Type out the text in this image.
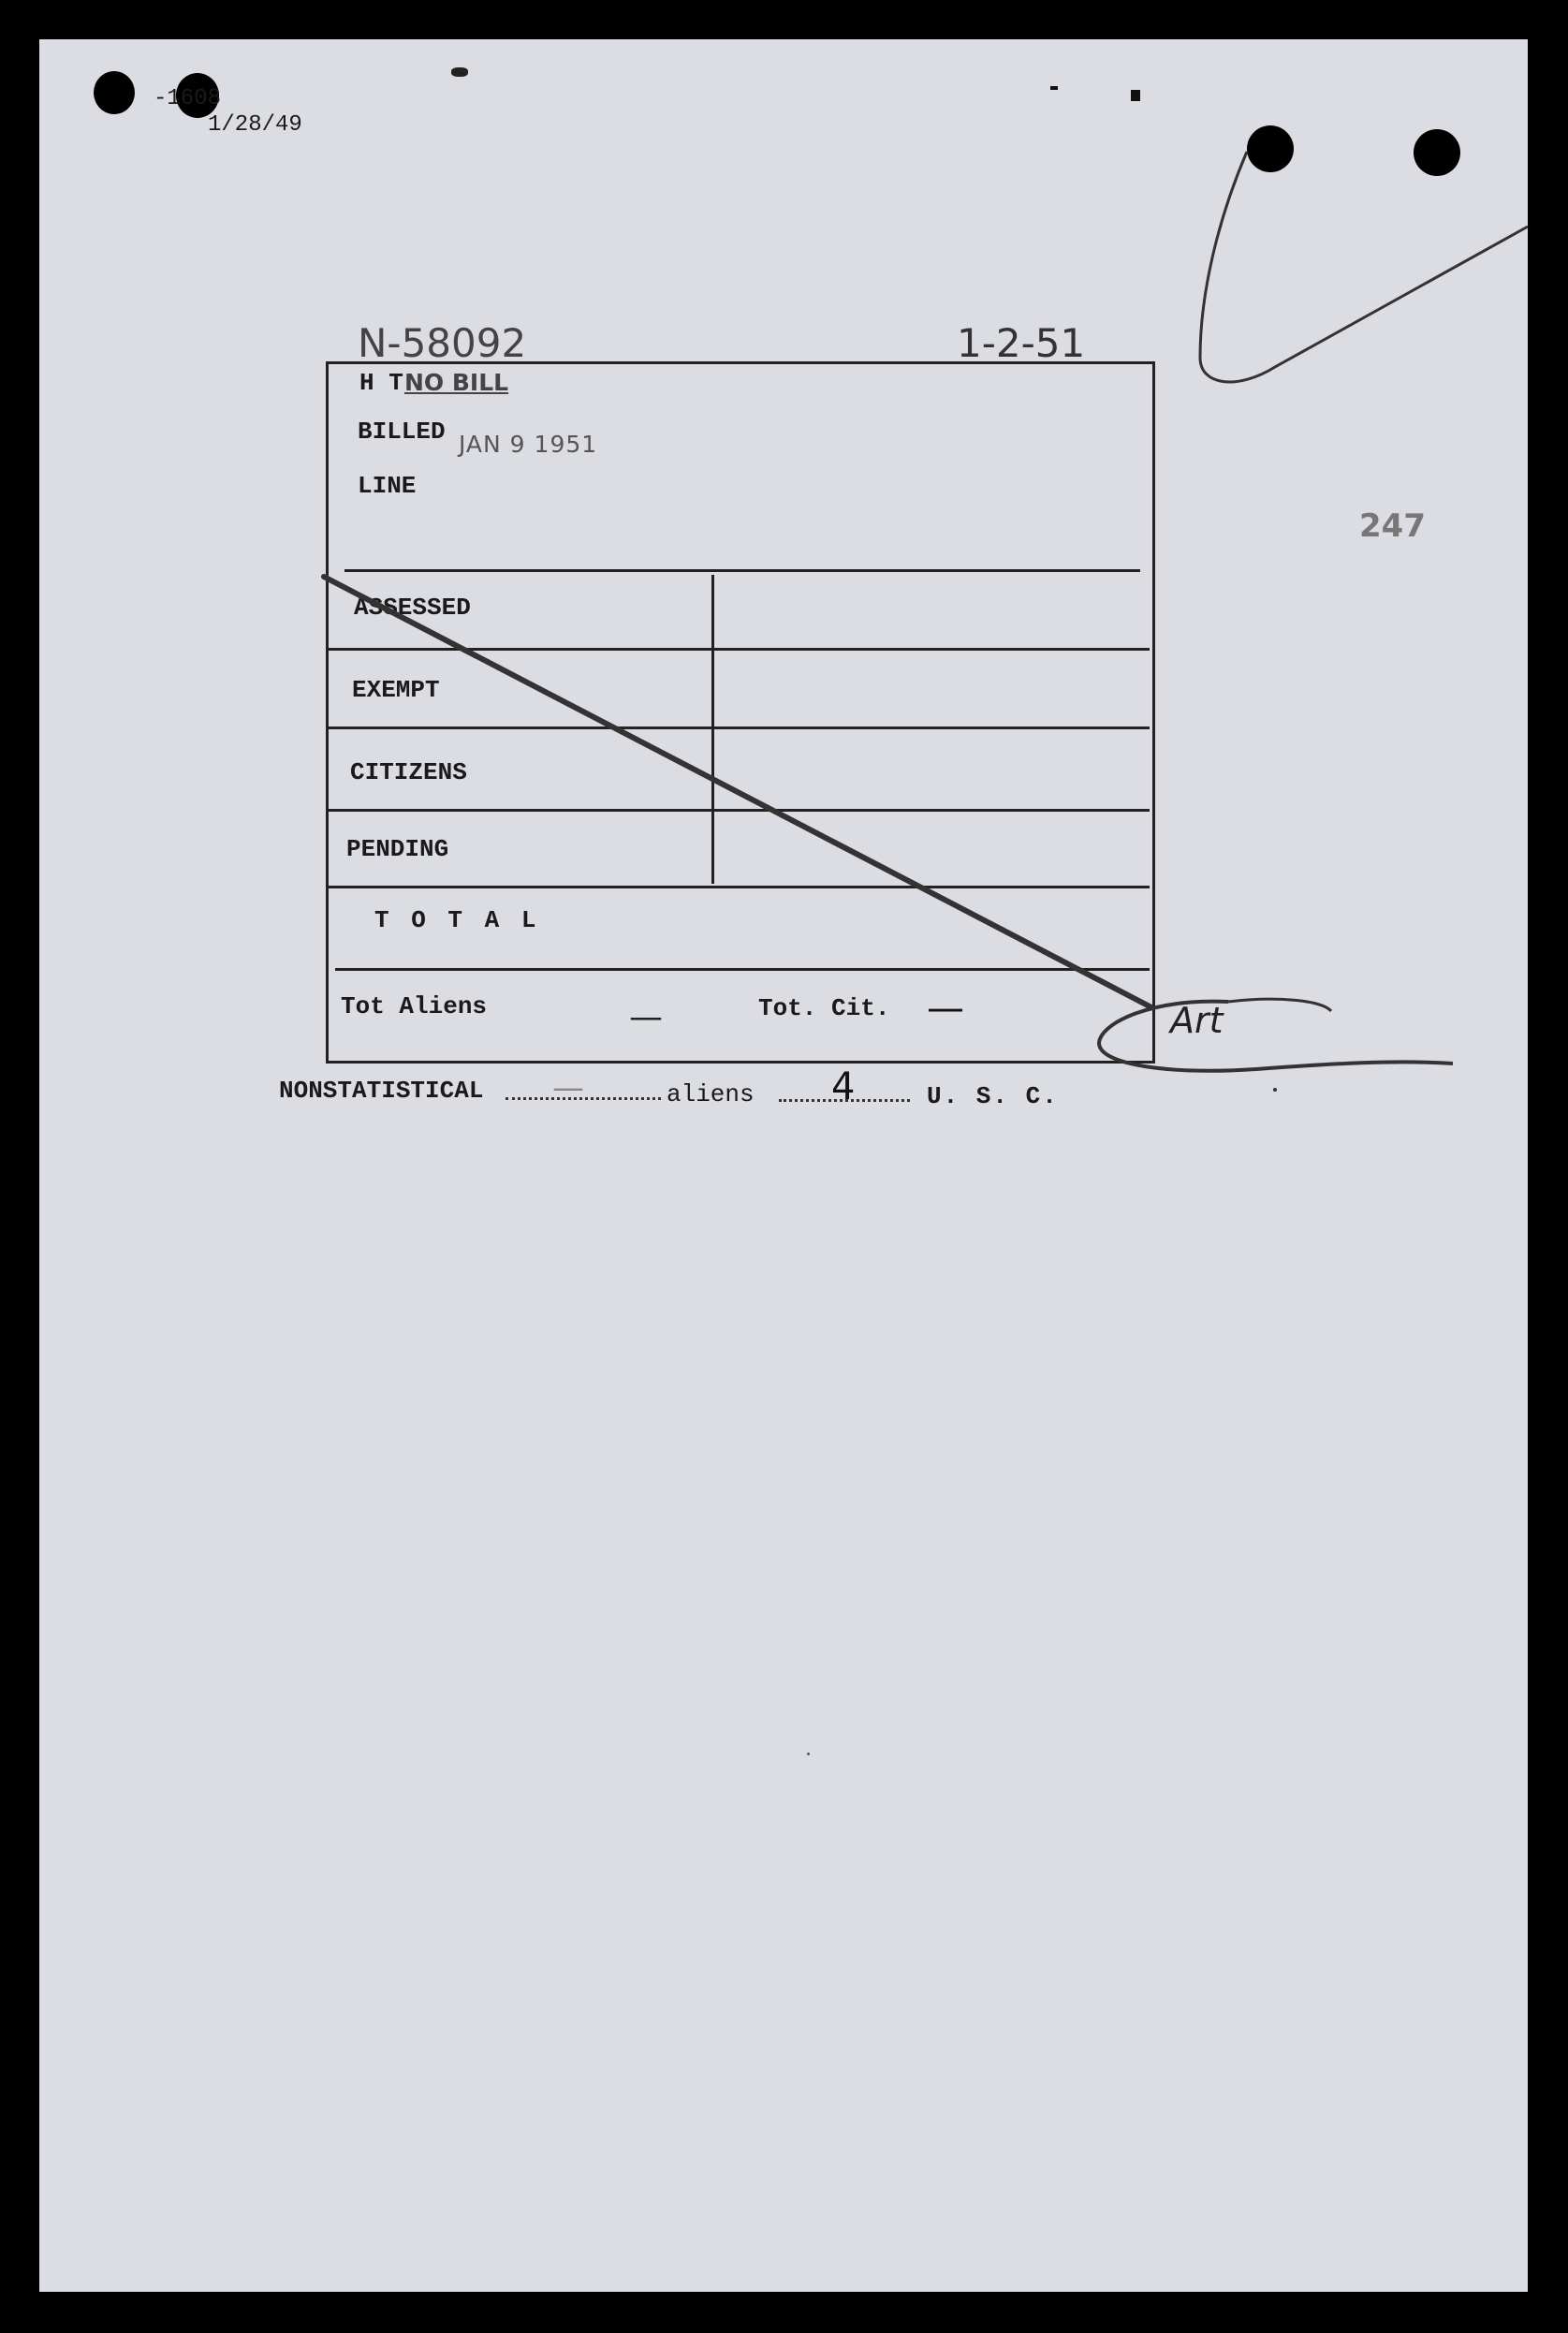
-1608
1/28/49
247
N-58092	1-2-51
H T NO BILL
BILLED JAN 9 1951
LINE
ASSESSED
EXEMPT
CITIZENS
PENDING
T O T A L
Tot Aliens	—	Tot. Cit. —	Art
NONSTATISTICAL —	aliens 4	U. S. C.
